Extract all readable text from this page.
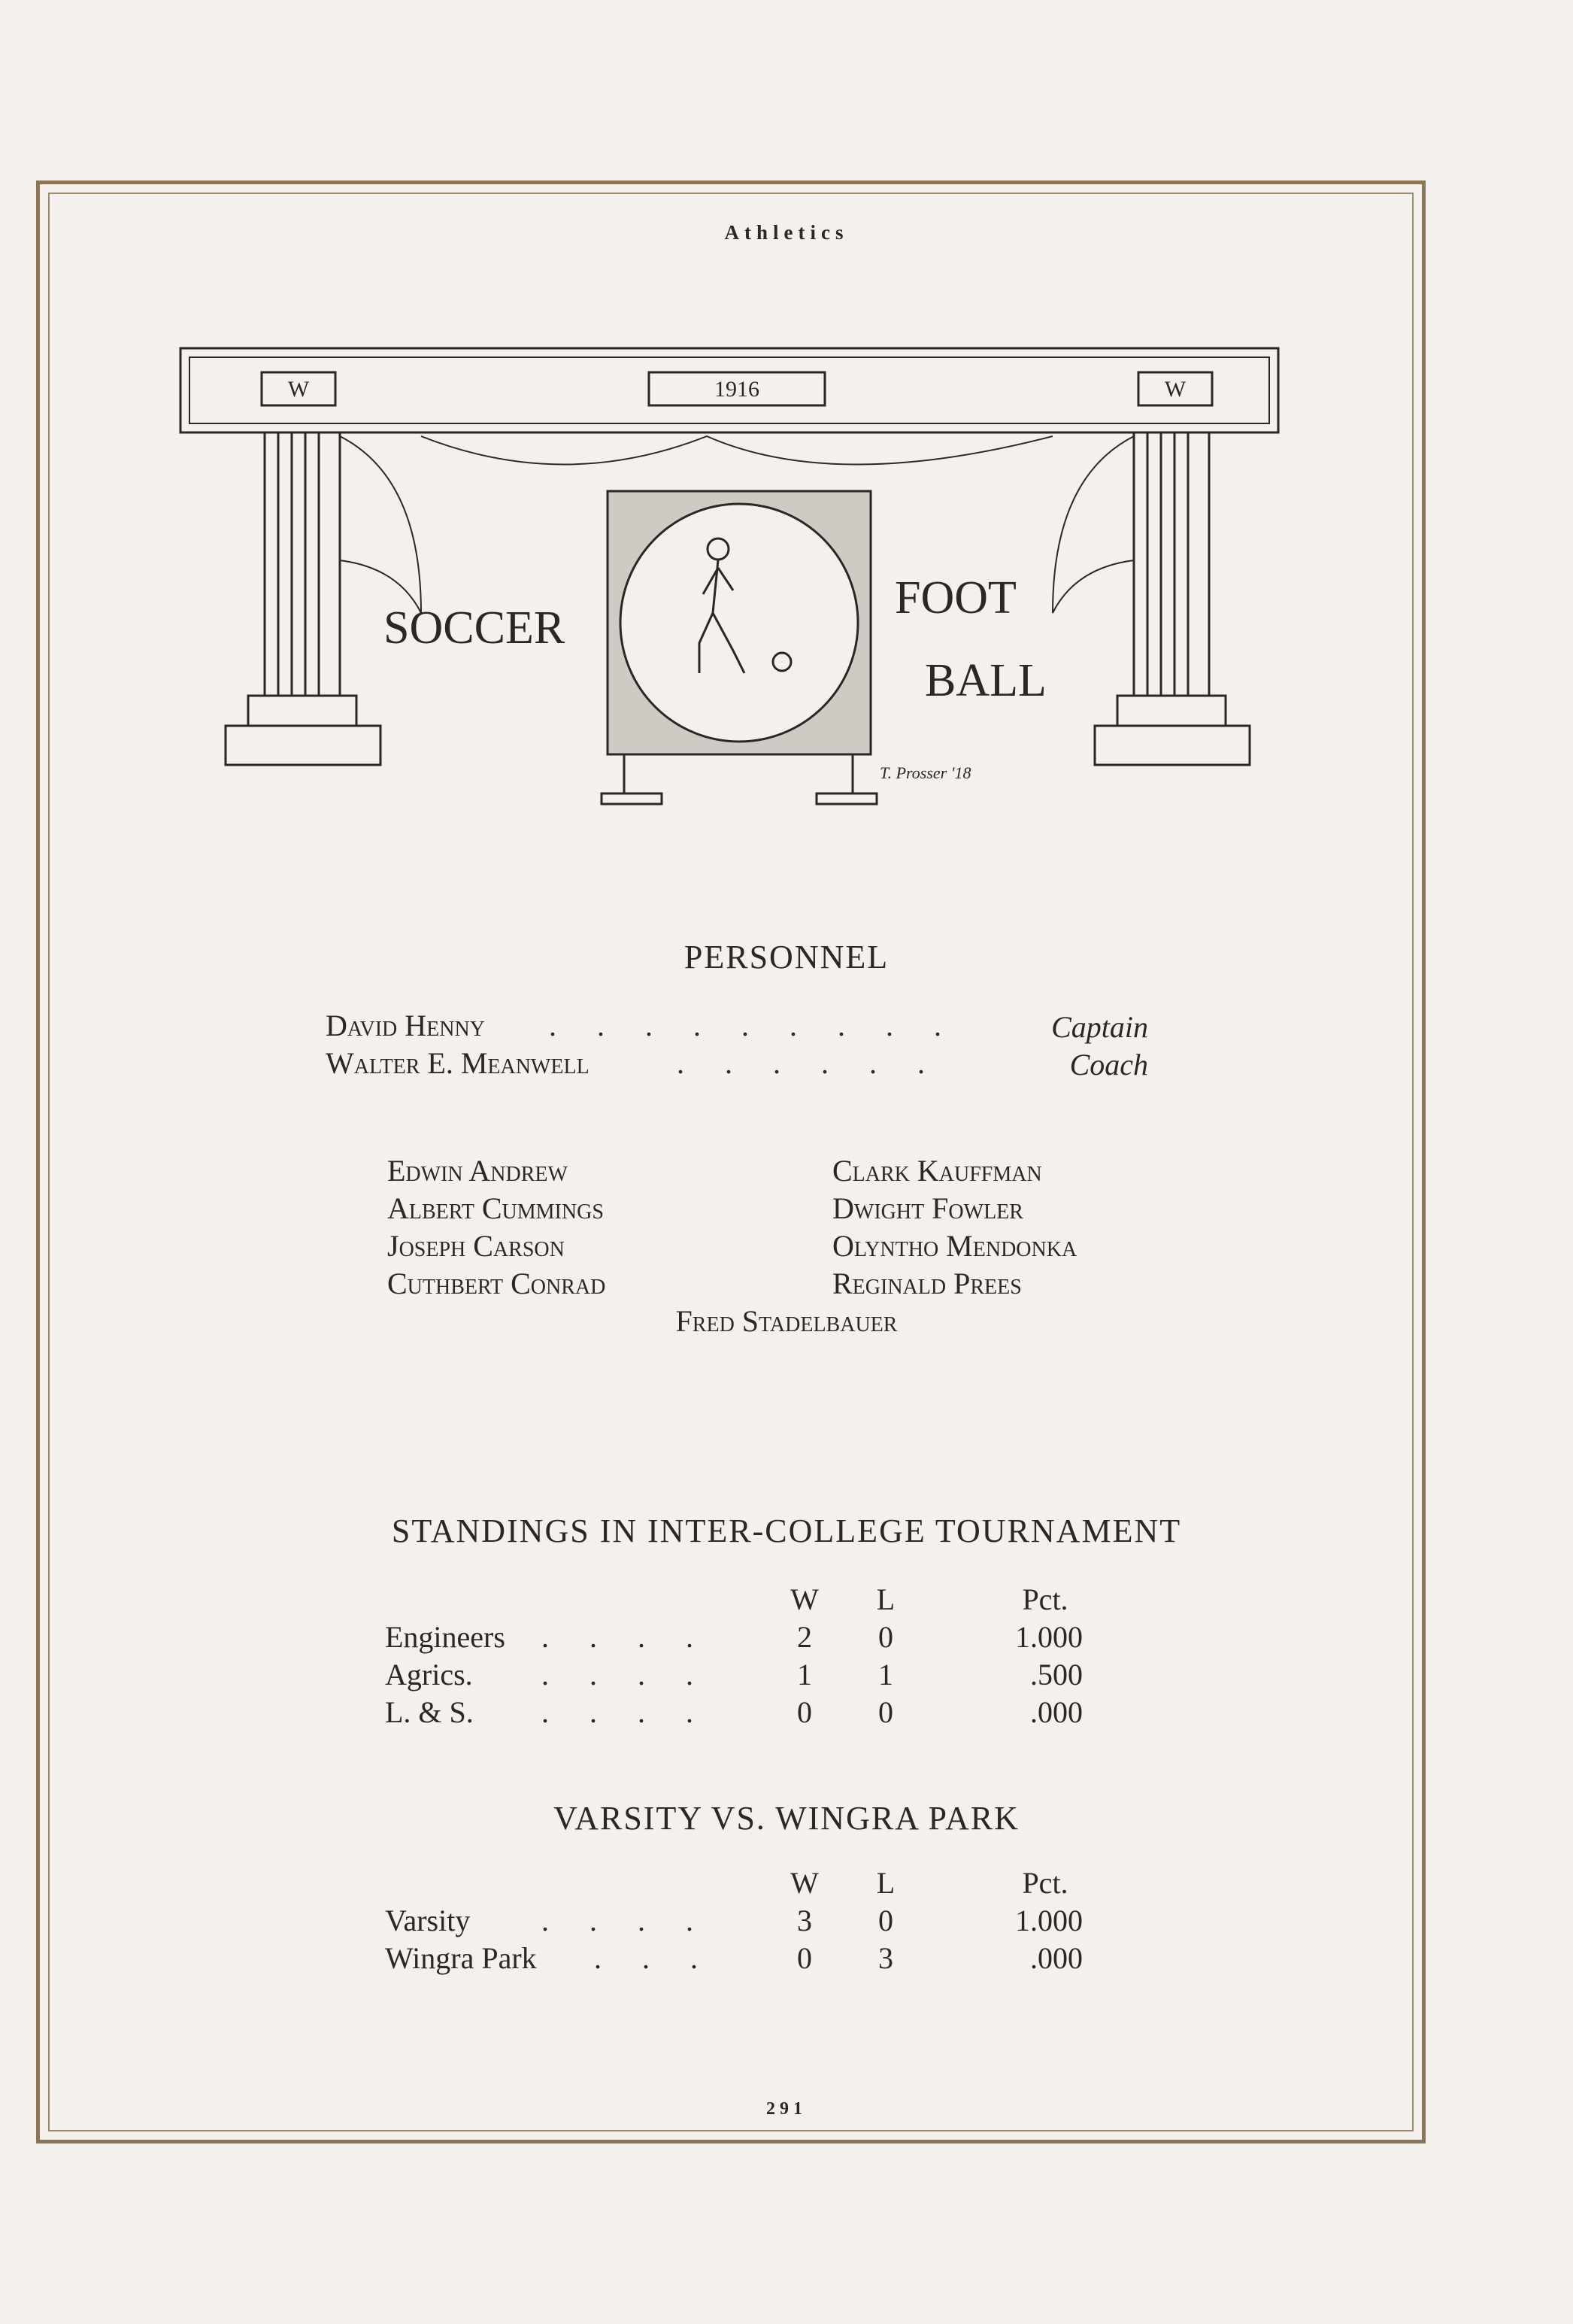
Athletics
W	1916	W
SOCCER
FOOT
BALL
T. Prosser '18
PERSONNEL
David Henny . . . . . . . . .	Captain
Walter E. Meanwell	. . . . . .	Coach
Edwin Andrew
Albert Cummings
Joseph Carson
Cuthbert Conrad
Clark Kauffman
Dwight Fowler
Olyntho Mendonka
Reginald Prees
Fred Stadelbauer
STANDINGS IN INTER-COLLEGE TOURNAMENT
W	L	Pct.
Engineers . . . .	2	0	1.000
Agrics. . . . .	1	1	.500
L. & S. . . . .	0	0	.000
VARSITY VS. WINGRA PARK
W	L	Pct.
Varsity . . . .	3	0	1.000
Wingra Park . . .	0	3	.000
291
